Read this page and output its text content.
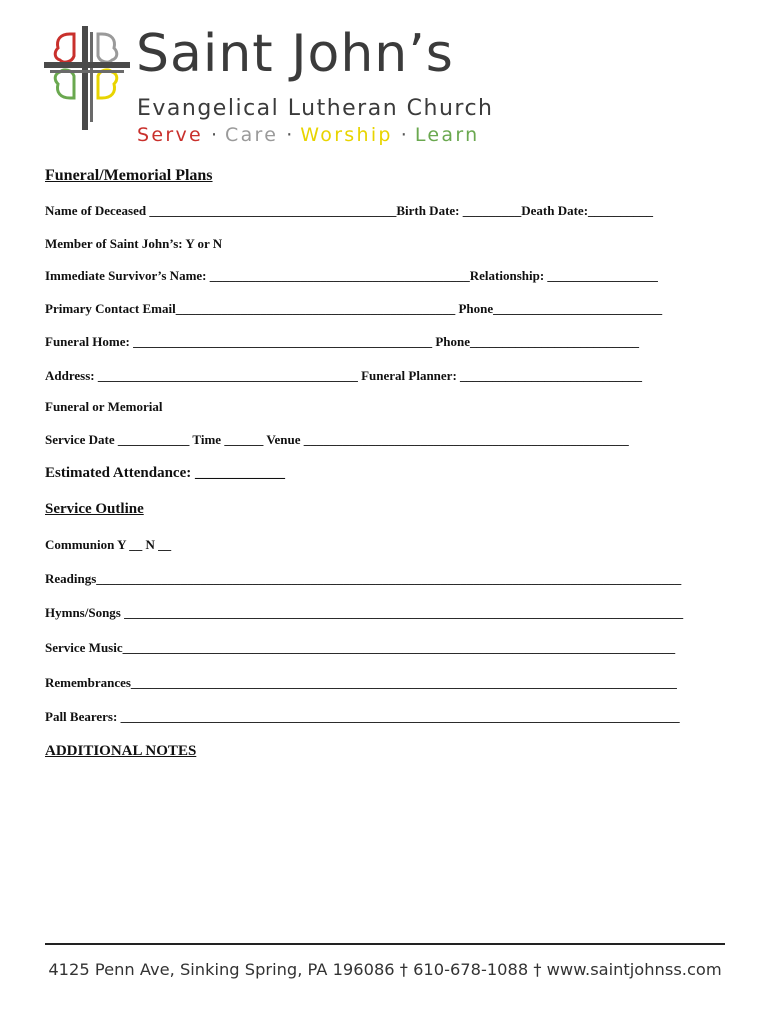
Saint John’s
Evangelical Lutheran Church
Serve · Care · Worship · Learn
Funeral/Memorial Plans
Name of Deceased ______________________________________Birth Date: _________Death Date:__________
Member of Saint John’s: Y or N
Immediate Survivor’s Name: ________________________________________Relationship: _________________
Primary Contact Email___________________________________________ Phone__________________________
Funeral Home: ______________________________________________ Phone__________________________
Address: ________________________________________ Funeral Planner: ____________________________
Funeral or Memorial
Service Date ___________ Time ______ Venue __________________________________________________
Estimated Attendance: ____________
Service Outline
Communion Y __ N __
Readings__________________________________________________________________________________________
Hymns/Songs ______________________________________________________________________________________
Service Music_____________________________________________________________________________________
Remembrances____________________________________________________________________________________
Pall Bearers: ______________________________________________________________________________________
ADDITIONAL NOTES
4125 Penn Ave, Sinking Spring, PA 196086 † 610-678-1088 † www.saintjohnss.com
